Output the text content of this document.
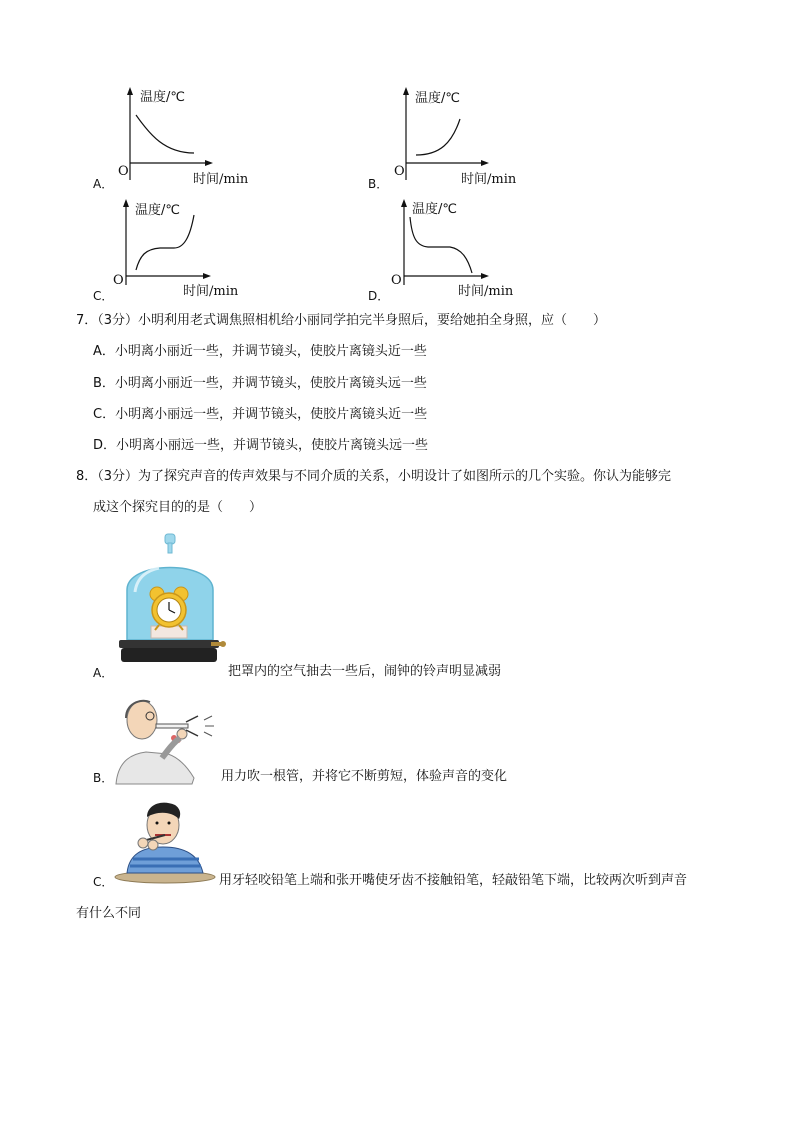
温度/℃
O
时间/min
A．
温度/℃
O
时间/min
B．
温度/℃
O
时间/min
C．
温度/℃
O
时间/min
D．
7．（3分）小明利用老式调焦照相机给小丽同学拍完半身照后，要给她拍全身照，应（　　）
A．小明离小丽近一些，并调节镜头，使胶片离镜头近一些
B．小明离小丽近一些，并调节镜头，使胶片离镜头远一些
C．小明离小丽远一些，并调节镜头，使胶片离镜头近一些
D．小明离小丽远一些，并调节镜头，使胶片离镜头远一些
8．（3分）为了探究声音的传声效果与不同介质的关系，小明设计了如图所示的几个实验。你认为能够完
成这个探究目的的是（　　）
A．	把罩内的空气抽去一些后，闹钟的铃声明显减弱
B．	用力吹一根管，并将它不断剪短，体验声音的变化
C．	用牙轻咬铅笔上端和张开嘴使牙齿不接触铅笔，轻敲铅笔下端，比较两次听到声音
有什么不同
